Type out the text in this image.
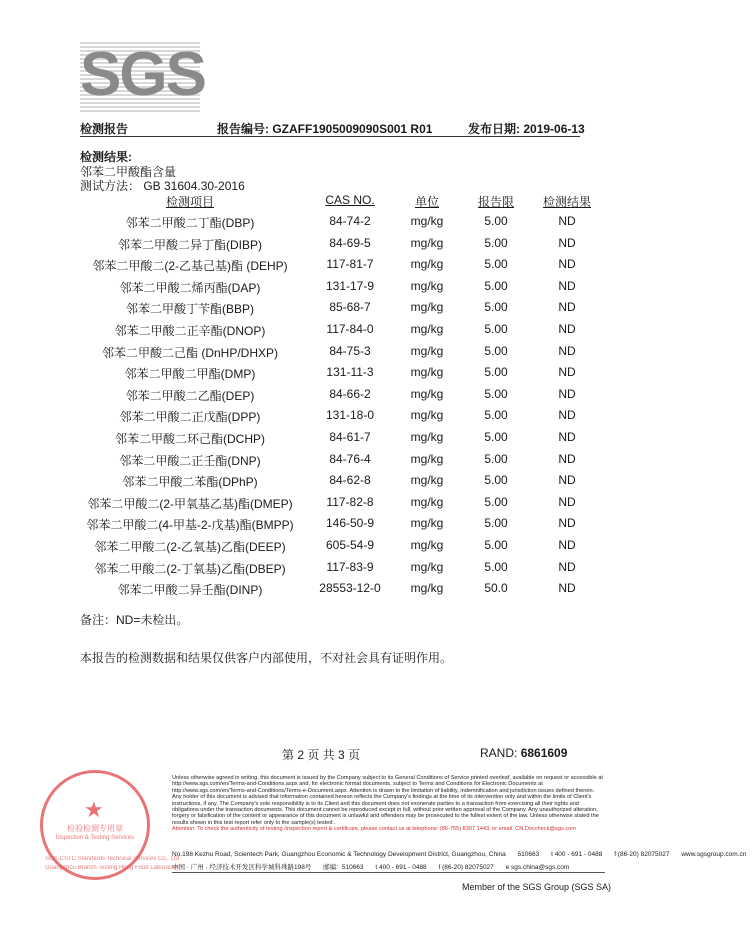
SGS
检测报告	报告编号: GZAFF1905009090S001 R01	发布日期: 2019-06-13
检测结果:
邻苯二甲酸酯含量
测试方法： GB 31604.30-2016
检测项目	CAS NO.	单位	报告限	检测结果
邻苯二甲酸二丁酯(DBP)	84-74-2	mg/kg	5.00	ND
邻苯二甲酸二异丁酯(DIBP)	84-69-5	mg/kg	5.00	ND
邻苯二甲酸二(2-乙基己基)酯 (DEHP)	117-81-7	mg/kg	5.00	ND
邻苯二甲酸二烯丙酯(DAP)	131-17-9	mg/kg	5.00	ND
邻苯二甲酸丁苄酯(BBP)	85-68-7	mg/kg	5.00	ND
邻苯二甲酸二正辛酯(DNOP)	117-84-0	mg/kg	5.00	ND
邻苯二甲酸二己酯 (DnHP/DHXP)	84-75-3	mg/kg	5.00	ND
邻苯二甲酸二甲酯(DMP)	131-11-3	mg/kg	5.00	ND
邻苯二甲酸二乙酯(DEP)	84-66-2	mg/kg	5.00	ND
邻苯二甲酸二正戊酯(DPP)	131-18-0	mg/kg	5.00	ND
邻苯二甲酸二环己酯(DCHP)	84-61-7	mg/kg	5.00	ND
邻苯二甲酸二正壬酯(DNP)	84-76-4	mg/kg	5.00	ND
邻苯二甲酸二苯酯(DPhP)	84-62-8	mg/kg	5.00	ND
邻苯二甲酸二(2-甲氧基乙基)酯(DMEP)	117-82-8	mg/kg	5.00	ND
邻苯二甲酸二(4-甲基-2-戊基)酯(BMPP)	146-50-9	mg/kg	5.00	ND
邻苯二甲酸二(2-乙氧基)乙酯(DEEP)	605-54-9	mg/kg	5.00	ND
邻苯二甲酸二(2-丁氧基)乙酯(DBEP)	117-83-9	mg/kg	5.00	ND
邻苯二甲酸二异壬酯(DINP)	28553-12-0	mg/kg	50.0	ND
备注：ND=未检出。
本报告的检测数据和结果仅供客户内部使用，不对社会具有证明作用。
第 2 页 共 3 页	RAND: 6861609
★
检验检测专用章
Inspection & Testing Services
SGS-CSTC Standards Technical Services Co., Ltd
Guangzhou Branch Testing Hong Food Laboratory
Unless otherwise agreed in writing, this document is issued by the Company subject to its General Conditions of Service printed overleaf, available on request or accessible at http://www.sgs.com/en/Terms-and-Conditions.aspx and, for electronic format documents, subject to Terms and Conditions for Electronic Documents at http://www.sgs.com/en/Terms-and-Conditions/Terms-e-Document.aspx. Attention is drawn to the limitation of liability, indemnification and jurisdiction issues defined therein. Any holder of this document is advised that information contained hereon reflects the Company's findings at the time of its intervention only and within the limits of Client's instructions, if any. The Company's sole responsibility is to its Client and this document does not exonerate parties to a transaction from exercising all their rights and obligations under the transaction documents. This document cannot be reproduced except in full, without prior written approval of the Company. Any unauthorized alteration, forgery or falsification of the content or appearance of this document is unlawful and offenders may be prosecuted to the fullest extent of the law. Unless otherwise stated the results shown in this test report refer only to the sample(s) tested .
Attention: To check the authenticity of testing /inspection report & certificate, please contact us at telephone: (86-755) 8307 1443, or email: CN.Doccheck@sgs.com
No.198 Kezhu Road, Scientech Park, Guangzhou Economic & Technology Development District, Guangzhou, China 510663 t 400 - 691 - 0488 f (86-20) 82075027 www.sgsgroup.com.cn
中国 · 广州 · 经济技术开发区科学城科珠路198号 邮编: 510663 t 400 - 691 - 0488 f (86-20) 82075027 e sgs.china@sgs.com
Member of the SGS Group (SGS SA)
